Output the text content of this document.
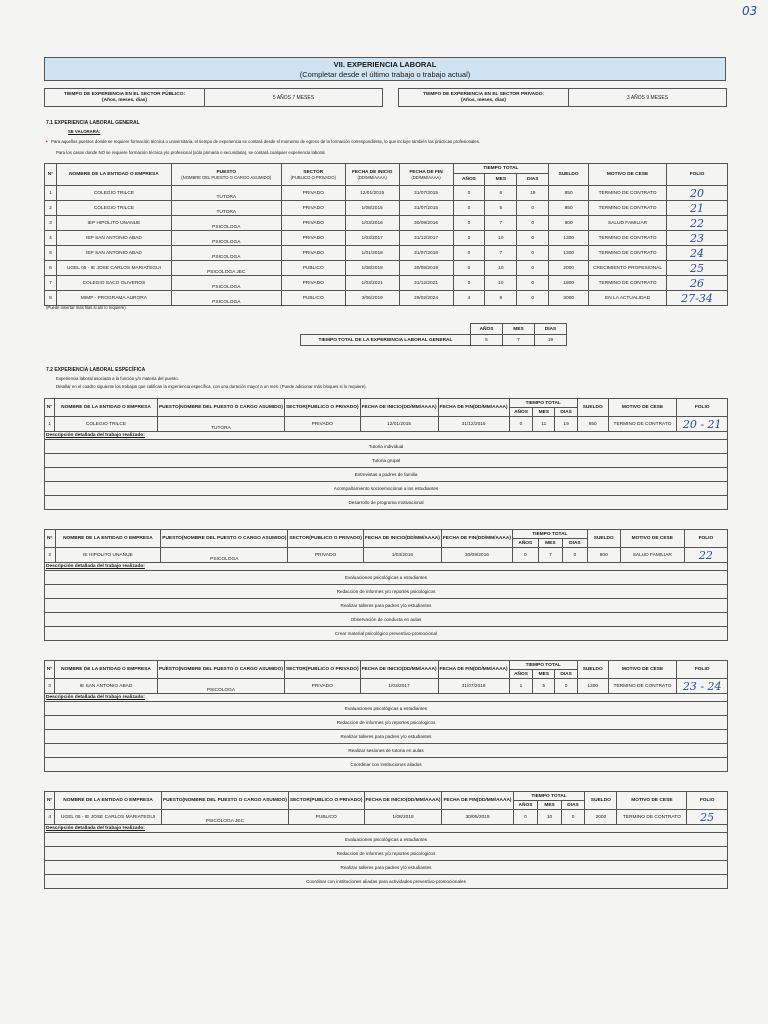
03
VII. EXPERIENCIA LABORAL
(Completar desde el último trabajo o trabajo actual)
TIEMPO DE EXPERIENCIA EN EL SECTOR PÚBLICO:
(Años, meses, dias)	5 AÑOS 7 MESES
TIEMPO DE EXPERIENCIA EN EL SECTOR PRIVADO:
(Años, meses, dias)	3 AÑOS 9 MESES
7.1 EXPERIENCIA LABORAL GENERAL
SE VALORARÁ:
• Para aquellos puestos donde se requiere formación técnica o universitaria, el tiempo de experiencia se contará desde el momento de egreso de la formación correspondiente, lo que incluye también las prácticas profesionales.
Para los casos donde NO se requiere formación técnica y/o profesional (sólo primaria o secundaria), se contará cualquier experiencia laboral.
N°	NOMBRE DE LA ENTIDAD O EMPRESA	PUESTO
(NOMBRE DEL PUESTO O CARGO ASUMIDO)	SECTOR
(PUBLICO O PRIVADO)	FECHA DE INICIO
(DD/MM/AAAA)	FECHA DE FIN
(DD/MM/AAAA)	TIEMPO TOTAL			SUELDO	MOTIVO DE CESE	FOLIO
						AÑOS	MES	DIAS			
1	COLEGIO TRILCE	TUTORA	PRIVADO	12/01/2015	31/07/2015	0	6	19	850	TERMINO DE CONTRATO	20
2	COLEGIO TRILCE	TUTORA	PRIVADO	1/08/2015	31/07/2015	0	5	0	850	TERMINO DE CONTRATO	21
3	IEP HIPOLITO UNANUE	PSICOLOGA	PRIVADO	1/03/2016	30/09/2016	0	7	0	800	SALUD FAMILIAR	22
4	IEP SAN ANTONIO ABAD	PSICOLOGA	PRIVADO	1/03/2017	31/12/2017	0	10	0	1300	TERMINO DE CONTRATO	23
5	IEP SAN ANTONIO ABAD	PSICOLOGA	PRIVADO	1/01/2018	31/07/2018	0	7	0	1300	TERMINO DE CONTRATO	24
6	UGEL 05 - IE JOSE CARLOS MARIATEGUI	PSICOLOGA JEC	PUBLICO	1/08/2018	30/05/2019	0	10	0	2000	CRECIMIENTO PROFESIONAL	25
7	COLEGIO SACO OLIVEROS	PSICOLOGA	PRIVADO	1/03/2021	31/12/2021	0	10	0	1800	TERMINO DE CONTRATO	26
8	MIMP - PROGRAMA AURORA	PSICOLOGA	PUBLICO	3/06/2019	29/02/2024	4	9	0	3000	EN LA ACTUALIDAD	27-34
(Puede insertar más filas si así lo requiere)
	AÑOS	MES	DIAS
TIEMPO TOTAL DE LA EXPERIENCIA LABORAL GENERAL	5	7	19
7.2 EXPERIENCIA LABORAL ESPECÍFICA
Experiencia laboral asociada a la función y/o materia del puesto.
Detallar en el cuadro siguiente los trabajos que califican la experiencia específica, con una duración mayor a un mes. (Puede adicionar más bloques si lo requiere).
N°	NOMBRE DE LA ENTIDAD O EMPRESA	PUESTO(NOMBRE DEL PUESTO O CARGO ASUMIDO)	SECTOR(PUBLICO O PRIVADO)	FECHA DE INICIO(DD/MM/AAAA)	FECHA DE FIN(DD/MM/AAAA)	TIEMPO TOTAL			SUELDO	MOTIVO DE CESE	FOLIO
						AÑOS	MES	DIAS			
1	COLEGIO TRILCE	TUTORA	PRIVADO	12/01/2015	31/12/2015	0	11	19	850	TERMINO DE CONTRATO	20 - 21
Descripción detallada del trabajo realizado:											
Tutoria individual											
Tutoria grupal											
Entrevistas a padres de familia											
Acompañamiento socioemocional a los estudiantes											
Desarrollo de programa motivacional											
N°	NOMBRE DE LA ENTIDAD O EMPRESA	PUESTO(NOMBRE DEL PUESTO O CARGO ASUMIDO)	SECTOR(PUBLICO O PRIVADO)	FECHA DE INICIO(DD/MM/AAAA)	FECHA DE FIN(DD/MM/AAAA)	TIEMPO TOTAL			SUELDO	MOTIVO DE CESE	FOLIO
						AÑOS	MES	DIAS			
2	IE HIPOLITO UNANUE	PSICOLOGA	PRIVADO	1/03/2016	30/09/2016	0	7	0	800	SALUD FAMILIAR	22
Descripción detallada del trabajo realizado:											
Evaluaciones psicológicas a estudiantes											
Redaccion de informes y/o reportes psicologicos											
Realizar talleres para padres y/o estudiantes											
Observación de conducta en aulas											
Crear material psicológico preventivo-promocional											
N°	NOMBRE DE LA ENTIDAD O EMPRESA	PUESTO(NOMBRE DEL PUESTO O CARGO ASUMIDO)	SECTOR(PUBLICO O PRIVADO)	FECHA DE INICIO(DD/MM/AAAA)	FECHA DE FIN(DD/MM/AAAA)	TIEMPO TOTAL			SUELDO	MOTIVO DE CESE	FOLIO
						AÑOS	MES	DIAS			
3	IE SAN ANTONIO ABAD	PSICOLOGA	PRIVADO	1/03/2017	31/07/2018	1	5	0	1300	TERMINO DE CONTRATO	23 - 24
Descripción detallada del trabajo realizado:											
Evaluaciones psicológicas a estudiantes											
Redaccion de informes y/o reportes psicologicos											
Realizar talleres para padres y/o estudiantes											
Realizar sesiones de tutoria en aulas											
Coordinar con instituciones aliados											
N°	NOMBRE DE LA ENTIDAD O EMPRESA	PUESTO(NOMBRE DEL PUESTO O CARGO ASUMIDO)	SECTOR(PUBLICO O PRIVADO)	FECHA DE INICIO(DD/MM/AAAA)	FECHA DE FIN(DD/MM/AAAA)	TIEMPO TOTAL			SUELDO	MOTIVO DE CESE	FOLIO
						AÑOS	MES	DIAS			
4	UGEL 05 - IE JOSE CARLOS MARIATEGUI	PSICOLOGA JEC	PUBLICO	1/08/2018	30/05/2019	0	10	0	2000	TERMINO DE CONTRATO	25
Descripción detallada del trabajo realizado:											
Evaluaciones psicológicas a estudiantes											
Redaccion de informes y/o reportes psicologicos											
Realizar talleres para padres y/o estudiantes											
Coordinar con instituciones aliadas para actividades preventivo-promocionales											
